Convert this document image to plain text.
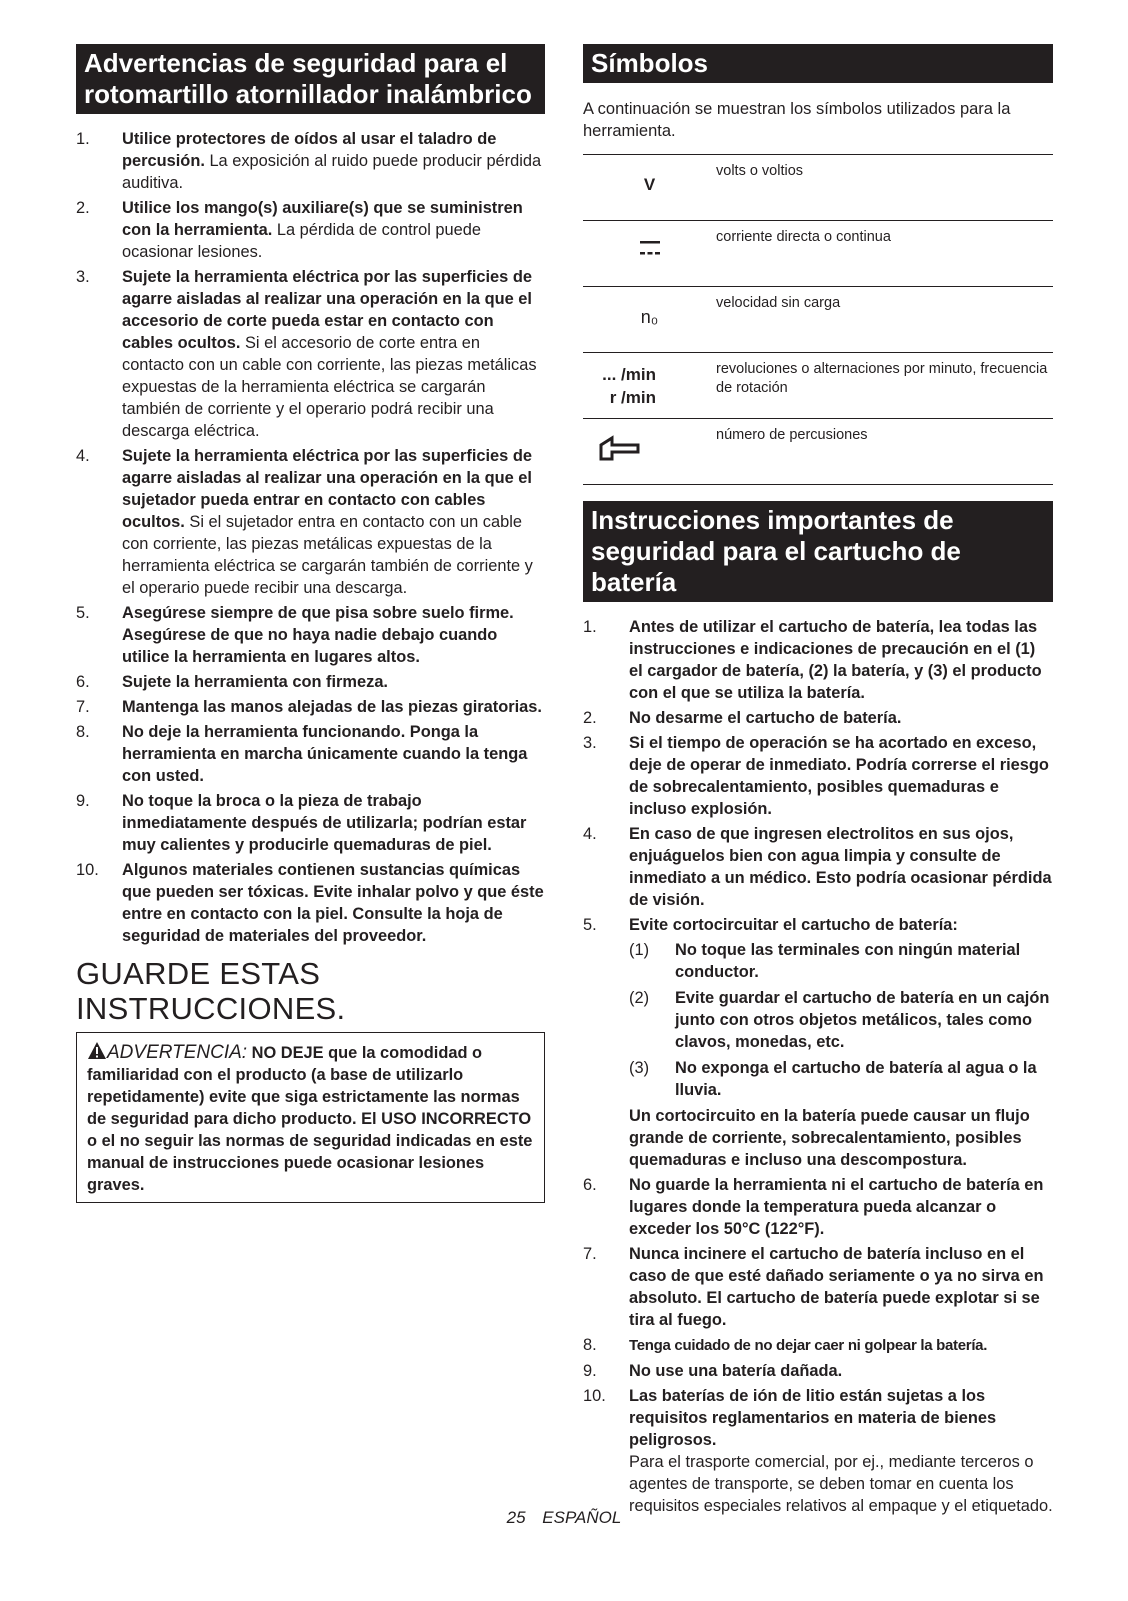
Advertencias de seguridad para el rotomartillo atornillador inalámbrico
1. Utilice protectores de oídos al usar el taladro de percusión. La exposición al ruido puede producir pérdida auditiva.
2. Utilice los mango(s) auxiliare(s) que se suministren con la herramienta. La pérdida de control puede ocasionar lesiones.
3. Sujete la herramienta eléctrica por las superficies de agarre aisladas al realizar una operación en la que el accesorio de corte pueda estar en contacto con cables ocultos. Si el accesorio de corte entra en contacto con un cable con corriente, las piezas metálicas expuestas de la herramienta eléctrica se cargarán también de corriente y el operario podrá recibir una descarga eléctrica.
4. Sujete la herramienta eléctrica por las superficies de agarre aisladas al realizar una operación en la que el sujetador pueda entrar en contacto con cables ocultos. Si el sujetador entra en contacto con un cable con corriente, las piezas metálicas expuestas de la herramienta eléctrica se cargarán también de corriente y el operario puede recibir una descarga.
5. Asegúrese siempre de que pisa sobre suelo firme. Asegúrese de que no haya nadie debajo cuando utilice la herramienta en lugares altos.
6. Sujete la herramienta con firmeza.
7. Mantenga las manos alejadas de las piezas giratorias.
8. No deje la herramienta funcionando. Ponga la herramienta en marcha únicamente cuando la tenga con usted.
9. No toque la broca o la pieza de trabajo inmediatamente después de utilizarla; podrían estar muy calientes y producirle quemaduras de piel.
10. Algunos materiales contienen sustancias químicas que pueden ser tóxicas. Evite inhalar polvo y que éste entre en contacto con la piel. Consulte la hoja de seguridad de materiales del proveedor.
GUARDE ESTAS INSTRUCCIONES.
ADVERTENCIA: NO DEJE que la comodidad o familiaridad con el producto (a base de utilizarlo repetidamente) evite que siga estrictamente las normas de seguridad para dicho producto. El USO INCORRECTO o el no seguir las normas de seguridad indicadas en este manual de instrucciones puede ocasionar lesiones graves.
Símbolos
A continuación se muestran los símbolos utilizados para la herramienta.
V	volts o voltios
	corriente directa o continua

n₀	velocidad sin carga

... /min
r /min	revoluciones o alternaciones por minuto, frecuencia de rotación
	número de percusiones
Instrucciones importantes de seguridad para el cartucho de batería
1. Antes de utilizar el cartucho de batería, lea todas las instrucciones e indicaciones de precaución en el (1) el cargador de batería, (2) la batería, y (3) el producto con el que se utiliza la batería.
2. No desarme el cartucho de batería.
3. Si el tiempo de operación se ha acortado en exceso, deje de operar de inmediato. Podría correrse el riesgo de sobrecalentamiento, posibles quemaduras e incluso explosión.
4. En caso de que ingresen electrolitos en sus ojos, enjuáguelos bien con agua limpia y consulte de inmediato a un médico. Esto podría ocasionar pérdida de visión.
5. Evite cortocircuitar el cartucho de batería:
(1) No toque las terminales con ningún material conductor.
(2) Evite guardar el cartucho de batería en un cajón junto con otros objetos metálicos, tales como clavos, monedas, etc.
(3) No exponga el cartucho de batería al agua o la lluvia.
Un cortocircuito en la batería puede causar un flujo grande de corriente, sobrecalentamiento, posibles quemaduras e incluso una descompostura.
6. No guarde la herramienta ni el cartucho de batería en lugares donde la temperatura pueda alcanzar o exceder los 50°C (122°F).
7. Nunca incinere el cartucho de batería incluso en el caso de que esté dañado seriamente o ya no sirva en absoluto. El cartucho de batería puede explotar si se tira al fuego.
8. Tenga cuidado de no dejar caer ni golpear la batería.
9. No use una batería dañada.
10. Las baterías de ión de litio están sujetas a los requisitos reglamentarios en materia de bienes peligrosos.
Para el trasporte comercial, por ej., mediante terceros o agentes de transporte, se deben tomar en cuenta los requisitos especiales relativos al empaque y el etiquetado.
25 ESPAÑOL
